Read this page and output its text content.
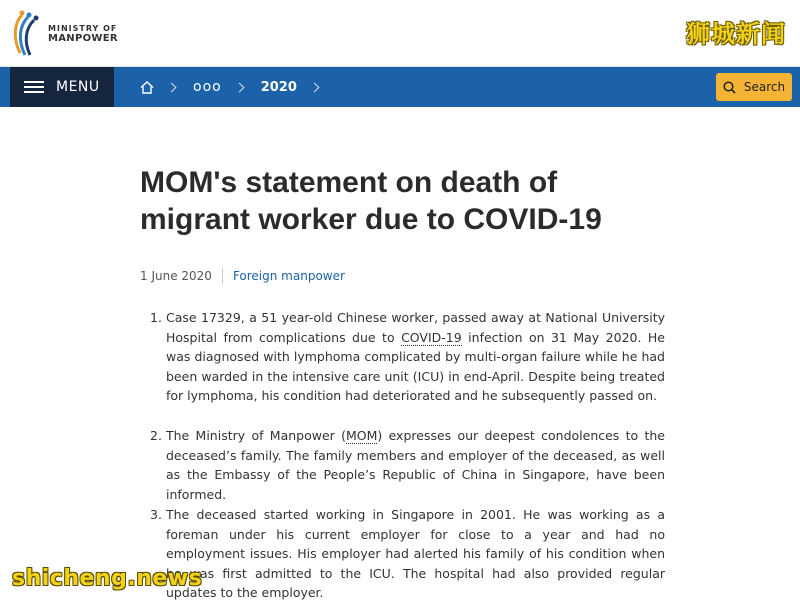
MINISTRY OF
MANPOWER	狮城新闻
MENU	ooo	2020	Search
MOM's statement on death of migrant worker due to COVID-19
1 June 2020 Foreign manpower
1. Case 17329, a 51 year-old Chinese worker, passed away at National University Hospital from complications due to COVID-19 infection on 31 May 2020. He was diagnosed with lymphoma complicated by multi-organ failure while he had been warded in the intensive care unit (ICU) in end-April. Despite being treated for lymphoma, his condition had deteriorated and he subsequently passed on.
2. The Ministry of Manpower (MOM) expresses our deepest condolences to the deceased’s family. The family members and employer of the deceased, as well as the Embassy of the People’s Republic of China in Singapore, have been informed.
3. The deceased started working in Singapore in 2001. He was working as a foreman under his current employer for close to a year and had no employment issues. His employer had alerted his family of his condition when he was first admitted to the ICU. The hospital had also provided regular updates to the employer.
shicheng.news
